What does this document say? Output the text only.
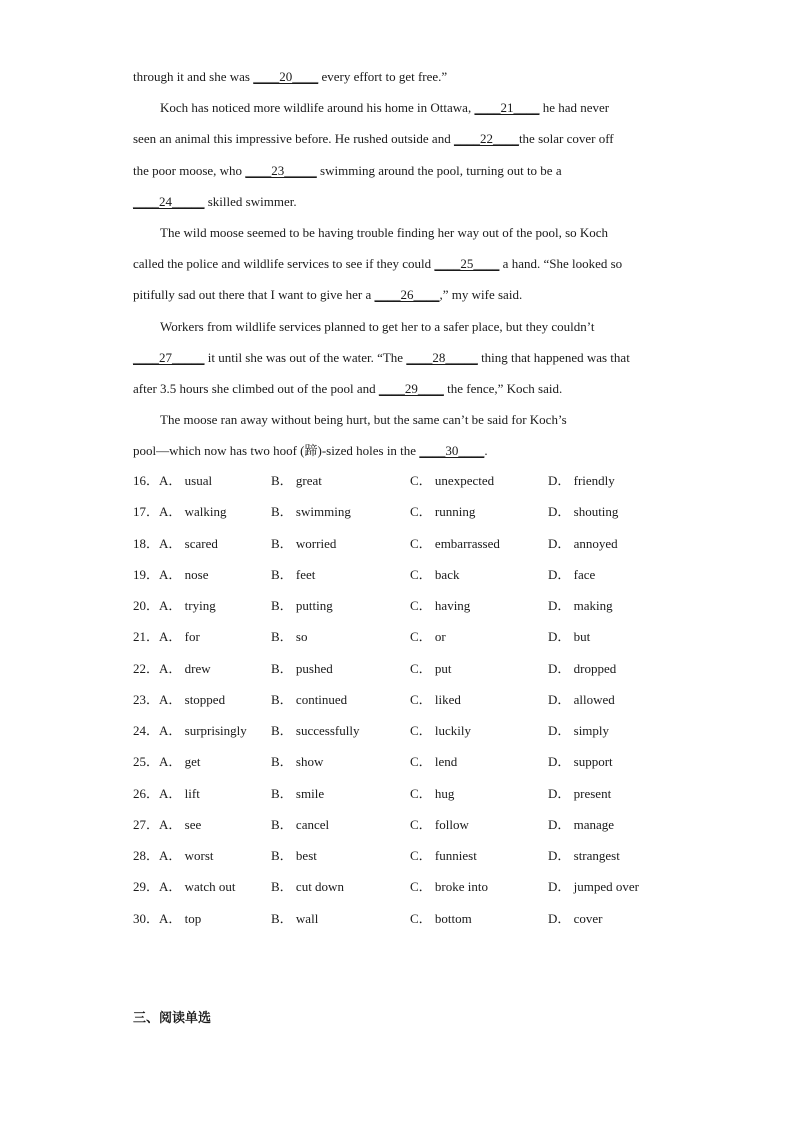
through it and she was ____20____ every effort to get free.”
Koch has noticed more wildlife around his home in Ottawa, ____21____ he had never
seen an animal this impressive before. He rushed outside and ____22____the solar cover off
the poor moose, who ____23_____ swimming around the pool, turning out to be a
____24_____ skilled swimmer.
The wild moose seemed to be having trouble finding her way out of the pool, so Koch
called the police and wildlife services to see if they could ____25____ a hand. “She looked so
pitifully sad out there that I want to give her a ____26____,” my wife said.
Workers from wildlife services planned to get her to a safer place, but they couldn’t
____27_____ it until she was out of the water. “The ____28_____ thing that happened was that
after 3.5 hours she climbed out of the pool and ____29____ the fence,” Koch said.
The moose ran away without being hurt, but the same can’t be said for Koch’s
pool—which now has two hoof (蹄)-sized holes in the ____30____.
16．A． usual	B． great	C． unexpected	D． friendly
17．A． walking	B． swimming	C． running	D． shouting
18．A． scared	B． worried	C． embarrassed	D． annoyed
19．A． nose	B． feet	C． back	D． face
20．A． trying	B． putting	C． having	D． making
21．A． for	B． so	C． or	D． but
22．A． drew	B． pushed	C． put	D． dropped
23．A． stopped	B． continued	C． liked	D． allowed
24．A． surprisingly B． successfully	C． luckily	D． simply
25．A． get	B． show	C． lend	D． support
26．A． lift	B． smile	C． hug	D． present
27．A． see	B． cancel	C． follow	D． manage
28．A． worst	B． best	C． funniest	D． strangest
29．A． watch out	B． cut down	C． broke into	D． jumped over
30．A． top	B． wall	C． bottom	D． cover
三、阅读单选
